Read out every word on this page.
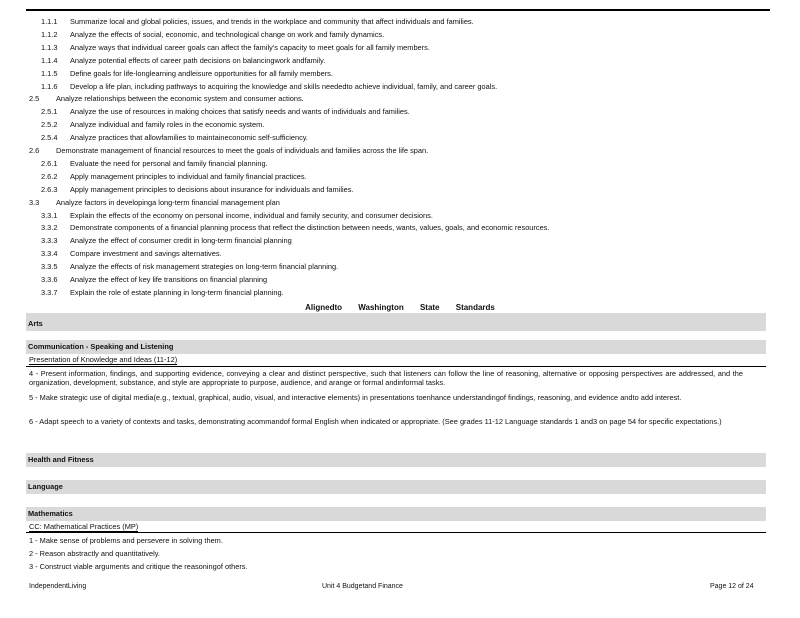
1.1.1 Summarize local and global policies, issues, and trends in the workplace and community that affect individuals and families.
1.1.2 Analyze the effects of social, economic, and technological change on work and family dynamics.
1.1.3 Analyze ways that individual career goals can affect the family's capacity to meet goals for all family members.
1.1.4 Analyze potential effects of career path decisions on balancingwork andfamily.
1.1.5 Define goals for life-longlearning andleisure opportunities for all family members.
1.1.6 Develop a life plan, including pathways to acquiring the knowledge and skills neededto achieve individual, family, and career goals.
2.5 Analyze relationships between the economic system and consumer actions.
2.5.1 Analyze the use of resources in making choices that satisfy needs and wants of individuals and families.
2.5.2 Analyze individual and family roles in the economic system.
2.5.4 Analyze practices that allowfamilies to maintaineconomic self-sufficiency.
2.6 Demonstrate management of financial resources to meet the goals of individuals and families across the life span.
2.6.1 Evaluate the need for personal and family financial planning.
2.6.2 Apply management principles to individual and family financial practices.
2.6.3 Apply management principles to decisions about insurance for individuals and families.
3.3 Analyze factors in developinga long-term financial management plan
3.3.1 Explain the effects of the economy on personal income, individual and family security, and consumer decisions.
3.3.2 Demonstrate components of a financial planning process that reflect the distinction between needs, wants, values, goals, and economic resources.
3.3.3 Analyze the effect of consumer credit in long-term financial planning
3.3.4 Compare investment and savings alternatives.
3.3.5 Analyze the effects of risk management strategies on long-term financial planning.
3.3.6 Analyze the effect of key life transitions on financial planning
3.3.7 Explain the role of estate planning in long-term financial planning.
Alignedto Washington State Standards
Arts
Communication - Speaking and Listening
Presentation of Knowledge and Ideas (11-12)
4 - Present information, findings, and supporting evidence, conveying a clear and distinct perspective, such that listeners can follow the line of reasoning, alternative or opposing perspectives are addressed, and the organization, development, substance, and style are appropriate to purpose, audience, and arange or formal andinformal tasks.
5 - Make strategic use of digital media(e.g., textual, graphical, audio, visual, and interactive elements) in presentations toenhance understandingof findings, reasoning, and evidence andto add interest.
6 - Adapt speech to a variety of contexts and tasks, demonstrating acommandof formal English when indicated or appropriate. (See grades 11-12 Language standards 1 and3 on page 54 for specific expectations.)
Health and Fitness
Language
Mathematics
CC: Mathematical Practices (MP)
1 - Make sense of problems and persevere in solving them.
2 - Reason abstractly and quantitatively.
3 - Construct viable arguments and critique the reasoningof others.
IndependentLiving	Unit 4 Budgetand Finance	Page 12 of 24
